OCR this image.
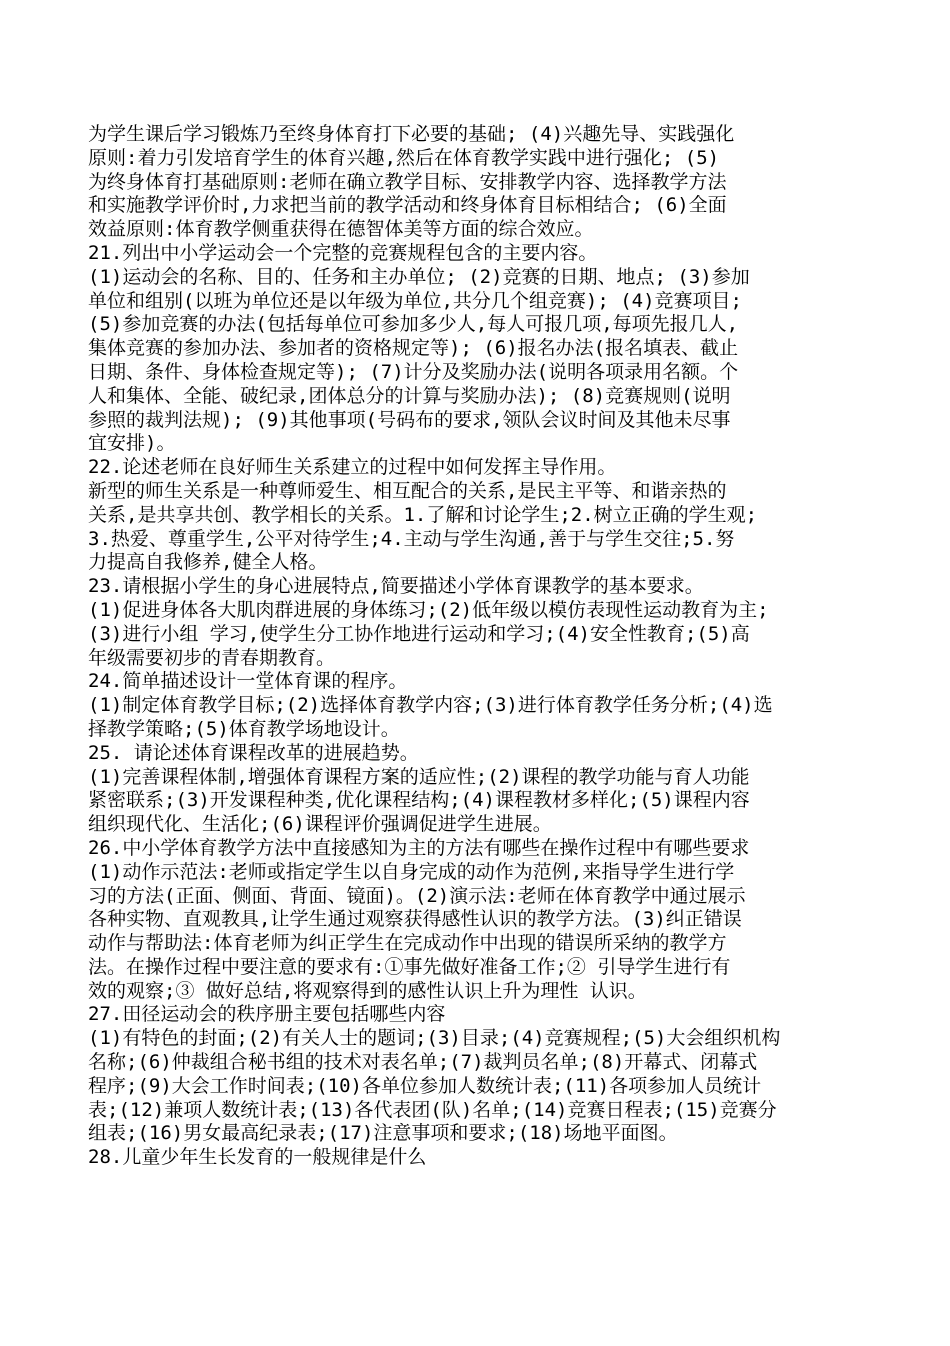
为学生课后学习锻炼乃至终身体育打下必要的基础; (4)兴趣先导、实践强化
原则:着力引发培育学生的体育兴趣,然后在体育教学实践中进行强化; (5)
为终身体育打基础原则:老师在确立教学目标、安排教学内容、选择教学方法
和实施教学评价时,力求把当前的教学活动和终身体育目标相结合; (6)全面
效益原则:体育教学侧重获得在德智体美等方面的综合效应。
21.列出中小学运动会一个完整的竞赛规程包含的主要内容。
(1)运动会的名称、目的、任务和主办单位; (2)竞赛的日期、地点; (3)参加
单位和组别(以班为单位还是以年级为单位,共分几个组竞赛); (4)竞赛项目;
(5)参加竞赛的办法(包括每单位可参加多少人,每人可报几项,每项先报几人,
集体竞赛的参加办法、参加者的资格规定等); (6)报名办法(报名填表、截止
日期、条件、身体检查规定等); (7)计分及奖励办法(说明各项录用名额。个
人和集体、全能、破纪录,团体总分的计算与奖励办法); (8)竞赛规则(说明
参照的裁判法规); (9)其他事项(号码布的要求,领队会议时间及其他未尽事
宜安排)。
22.论述老师在良好师生关系建立的过程中如何发挥主导作用。
新型的师生关系是一种尊师爱生、相互配合的关系,是民主平等、和谐亲热的
关系,是共享共创、教学相长的关系。1.了解和讨论学生;2.树立正确的学生观;
3.热爱、尊重学生,公平对待学生;4.主动与学生沟通,善于与学生交往;5.努
力提高自我修养,健全人格。
23.请根据小学生的身心进展特点,简要描述小学体育课教学的基本要求。
(1)促进身体各大肌肉群进展的身体练习;(2)低年级以模仿表现性运动教育为主;
(3)进行小组 学习,使学生分工协作地进行运动和学习;(4)安全性教育;(5)高
年级需要初步的青春期教育。
24.简单描述设计一堂体育课的程序。
(1)制定体育教学目标;(2)选择体育教学内容;(3)进行体育教学任务分析;(4)选
择教学策略;(5)体育教学场地设计。
25. 请论述体育课程改革的进展趋势。
(1)完善课程体制,增强体育课程方案的适应性;(2)课程的教学功能与育人功能
紧密联系;(3)开发课程种类,优化课程结构;(4)课程教材多样化;(5)课程内容
组织现代化、生活化;(6)课程评价强调促进学生进展。
26.中小学体育教学方法中直接感知为主的方法有哪些在操作过程中有哪些要求
(1)动作示范法:老师或指定学生以自身完成的动作为范例,来指导学生进行学
习的方法(正面、侧面、背面、镜面)。(2)演示法:老师在体育教学中通过展示
各种实物、直观教具,让学生通过观察获得感性认识的教学方法。(3)纠正错误
动作与帮助法:体育老师为纠正学生在完成动作中出现的错误所采纳的教学方
法。在操作过程中要注意的要求有:①事先做好准备工作;② 引导学生进行有
效的观察;③ 做好总结,将观察得到的感性认识上升为理性 认识。
27.田径运动会的秩序册主要包括哪些内容
(1)有特色的封面;(2)有关人士的题词;(3)目录;(4)竞赛规程;(5)大会组织机构
名称;(6)仲裁组合秘书组的技术对表名单;(7)裁判员名单;(8)开幕式、闭幕式
程序;(9)大会工作时间表;(10)各单位参加人数统计表;(11)各项参加人员统计
表;(12)兼项人数统计表;(13)各代表团(队)名单;(14)竞赛日程表;(15)竞赛分
组表;(16)男女最高纪录表;(17)注意事项和要求;(18)场地平面图。
28.儿童少年生长发育的一般规律是什么
